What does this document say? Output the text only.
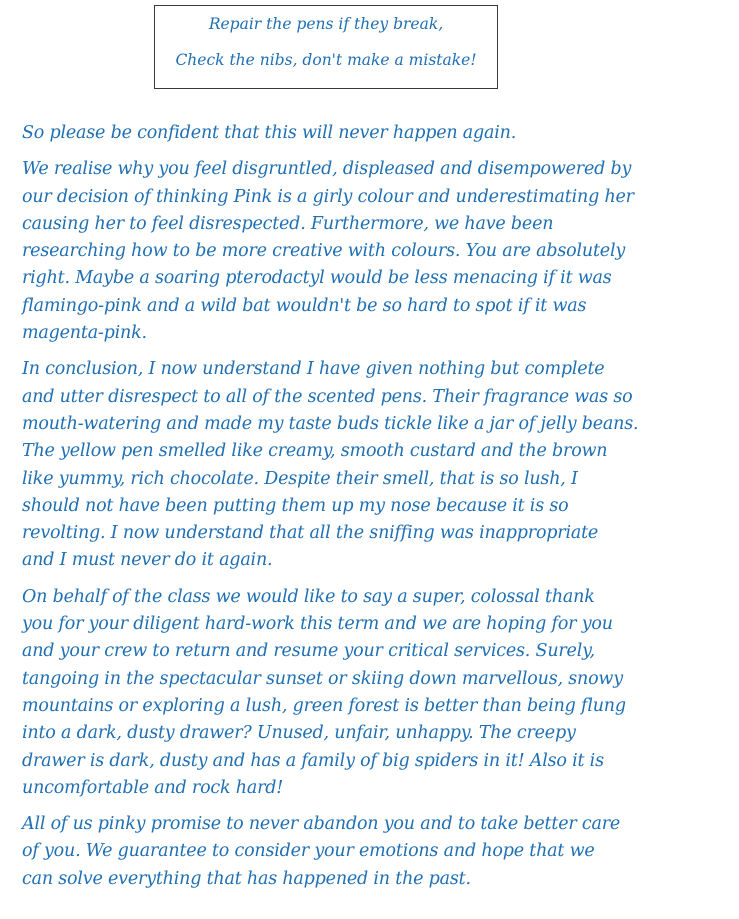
Repair the pens if they break,
Check the nibs, don't make a mistake!

So please be confident that this will never happen again.

We realise why you feel disgruntled, displeased and disempowered by
our decision of thinking Pink is a girly colour and underestimating her
causing her to feel disrespected. Furthermore, we have been
researching how to be more creative with colours. You are absolutely
right. Maybe a soaring pterodactyl would be less menacing if it was
flamingo-pink and a wild bat wouldn't be so hard to spot if it was
magenta-pink.

In conclusion, I now understand I have given nothing but complete
and utter disrespect to all of the scented pens. Their fragrance was so
mouth-watering and made my taste buds tickle like a jar of jelly beans.
The yellow pen smelled like creamy, smooth custard and the brown
like yummy, rich chocolate. Despite their smell, that is so lush, I
should not have been putting them up my nose because it is so
revolting. I now understand that all the sniffing was inappropriate
and I must never do it again.

On behalf of the class we would like to say a super, colossal thank
you for your diligent hard-work this term and we are hoping for you
and your crew to return and resume your critical services. Surely,
tangoing in the spectacular sunset or skiing down marvellous, snowy
mountains or exploring a lush, green forest is better than being flung
into a dark, dusty drawer? Unused, unfair, unhappy. The creepy
drawer is dark, dusty and has a family of big spiders in it! Also it is
uncomfortable and rock hard!

All of us pinky promise to never abandon you and to take better care
of you. We guarantee to consider your emotions and hope that we
can solve everything that has happened in the past.
